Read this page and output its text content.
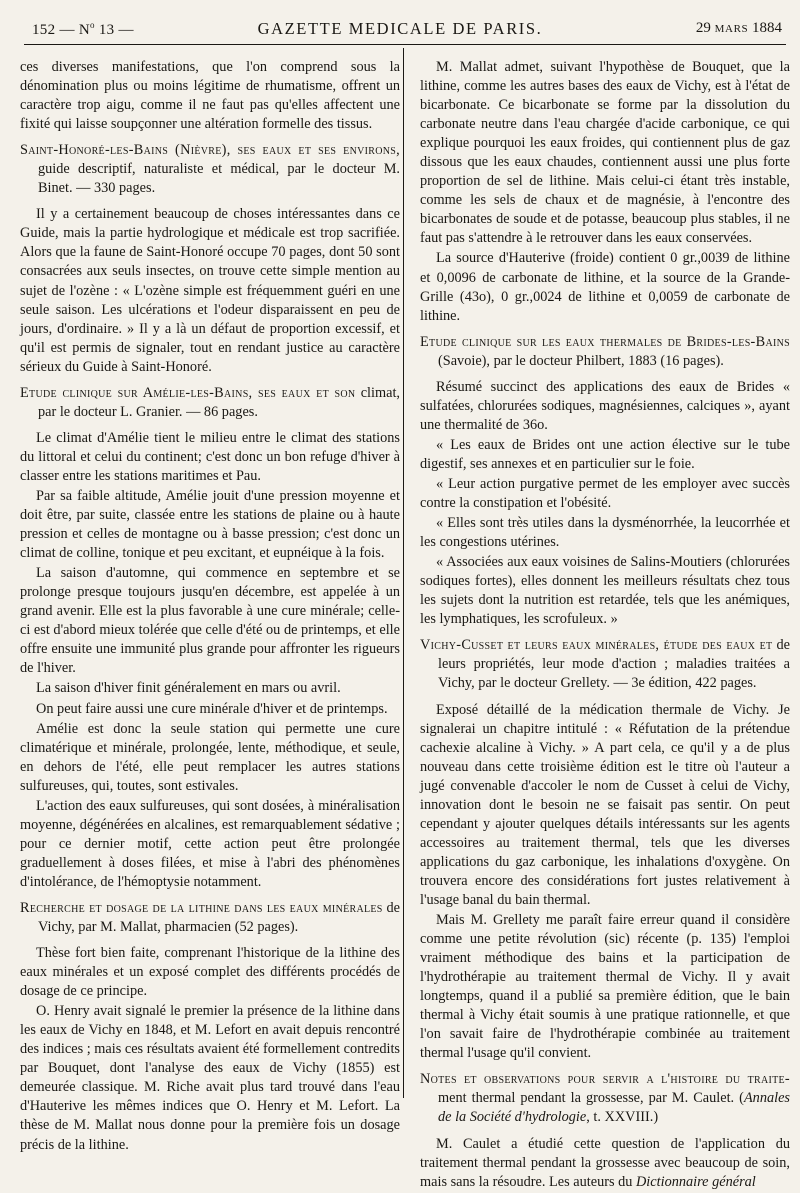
152 — $N^o$ 13 —	GAZETTE MEDICALE DE PARIS.	29 MARS 1884

ces diverses manifestations, que l'on comprend sous la dénomination plus ou moins légitime de rhumatisme, offrent un caractère trop aigu, comme il ne faut pas qu'elles affectent une fixité qui laisse soupçonner une altération formelle des tissus.

Saint-Honoré-les-Bains (Nièvre), ses eaux et ses environs, guide descriptif, naturaliste et médical, par le docteur M. Binet. — 330 pages.

Il y a certainement beaucoup de choses intéressantes dans ce Guide, mais la partie hydrologique et médicale est trop sacrifiée. Alors que la faune de Saint-Honoré occupe 70 pages, dont 50 sont consacrées aux seuls insectes, on trouve cette simple mention au sujet de l'ozène : « L'ozène simple est fréquemment guéri en une seule saison. Les ulcérations et l'odeur disparaissent en peu de jours, d'ordinaire. » Il y a là un défaut de proportion excessif, et qu'il est permis de signaler, tout en rendant justice au caractère sérieux du Guide à Saint-Honoré.

Etude clinique sur Amélie-les-Bains, ses eaux et son climat, par le docteur L. Granier. — 86 pages.

Le climat d'Amélie tient le milieu entre le climat des stations du littoral et celui du continent; c'est donc un bon refuge d'hiver à classer entre les stations maritimes et Pau.

Par sa faible altitude, Amélie jouit d'une pression moyenne et doit être, par suite, classée entre les stations de plaine ou à haute pression et celles de montagne ou à basse pression; c'est donc un climat de colline, tonique et peu excitant, et eupnéique à la fois.

La saison d'automne, qui commence en septembre et se prolonge presque toujours jusqu'en décembre, est appelée à un grand avenir. Elle est la plus favorable à une cure minérale; celle-ci est d'abord mieux tolérée que celle d'été ou de printemps, et elle offre ensuite une immunité plus grande pour affronter les rigueurs de l'hiver.

La saison d'hiver finit généralement en mars ou avril.

On peut faire aussi une cure minérale d'hiver et de printemps.

Amélie est donc la seule station qui permette une cure climatérique et minérale, prolongée, lente, méthodique, et seule, en dehors de l'été, elle peut remplacer les autres stations sulfureuses, qui, toutes, sont estivales.

L'action des eaux sulfureuses, qui sont dosées, à minéralisation moyenne, dégénérées en alcalines, est remarquablement sédative ; pour ce dernier motif, cette action peut être prolongée graduellement à doses filées, et mise à l'abri des phénomènes d'intolérance, de l'hémoptysie notamment.

Recherche et dosage de la lithine dans les eaux minérales de Vichy, par M. Mallat, pharmacien (52 pages).

Thèse fort bien faite, comprenant l'historique de la lithine des eaux minérales et un exposé complet des différents procédés de dosage de ce principe.

O. Henry avait signalé le premier la présence de la lithine dans les eaux de Vichy en 1848, et M. Lefort en avait depuis rencontré des indices ; mais ces résultats avaient été formellement contredits par Bouquet, dont l'analyse des eaux de Vichy (1855) est demeurée classique. M. Riche avait plus tard trouvé dans l'eau d'Hauterive les mêmes indices que O. Henry et M. Lefort. La thèse de M. Mallat nous donne pour la première fois un dosage précis de la lithine.

M. Mallat admet, suivant l'hypothèse de Bouquet, que la lithine, comme les autres bases des eaux de Vichy, est à l'état de bicarbonate. Ce bicarbonate se forme par la dissolution du carbonate neutre dans l'eau chargée d'acide carbonique, ce qui explique pourquoi les eaux froides, qui contiennent plus de gaz dissous que les eaux chaudes, contiennent aussi une plus forte proportion de sel de lithine. Mais celui-ci étant très instable, comme les sels de chaux et de magnésie, à l'encontre des bicarbonates de soude et de potasse, beaucoup plus stables, il ne faut pas s'attendre à le retrouver dans les eaux conservées.

La source d'Hauterive (froide) contient 0 gr.,0039 de lithine et 0,0096 de carbonate de lithine, et la source de la Grande-Grille (43o), 0 gr.,0024 de lithine et 0,0059 de carbonate de lithine.

Etude clinique sur les eaux thermales de Brides-les-Bains (Savoie), par le docteur Philbert, 1883 (16 pages).

Résumé succinct des applications des eaux de Brides « sulfatées, chlorurées sodiques, magnésiennes, calciques », ayant une thermalité de 36o.

« Les eaux de Brides ont une action élective sur le tube digestif, ses annexes et en particulier sur le foie.

« Leur action purgative permet de les employer avec succès contre la constipation et l'obésité.

« Elles sont très utiles dans la dysménorrhée, la leucorrhée et les congestions utérines.

« Associées aux eaux voisines de Salins-Moutiers (chlorurées sodiques fortes), elles donnent les meilleurs résultats chez tous les sujets dont la nutrition est retardée, tels que les anémiques, les lymphatiques, les scrofuleux. »

Vichy-Cusset et leurs eaux minérales, étude des eaux et de leurs propriétés, leur mode d'action ; maladies traitées a Vichy, par le docteur Grellety. — 3e édition, 422 pages.

Exposé détaillé de la médication thermale de Vichy. Je signalerai un chapitre intitulé : « Réfutation de la prétendue cachexie alcaline à Vichy. » A part cela, ce qu'il y a de plus nouveau dans cette troisième édition est le titre où l'auteur a jugé convenable d'accoler le nom de Cusset à celui de Vichy, innovation dont le besoin ne se faisait pas sentir. On peut cependant y ajouter quelques détails intéressants sur les agents accessoires au traitement thermal, tels que les diverses applications du gaz carbonique, les inhalations d'oxygène. On trouvera encore des considérations fort justes relativement à l'usage banal du bain thermal.

Mais M. Grellety me paraît faire erreur quand il considère comme une petite révolution (sic) récente (p. 135) l'emploi vraiment méthodique des bains et la participation de l'hydrothérapie au traitement thermal de Vichy. Il y avait longtemps, quand il a publié sa première édition, que le bain thermal à Vichy était soumis à une pratique rationnelle, et que l'on savait faire de l'hydrothérapie combinée au traitement thermal l'usage qu'il convient.

Notes et observations pour servir a l'histoire du traite- ment thermal pendant la grossesse, par M. Caulet. (Annales de la Société d'hydrologie, t. XXVIII.)

M. Caulet a étudié cette question de l'application du traitement thermal pendant la grossesse avec beaucoup de soin, mais sans la résoudre. Les auteurs du Dictionnaire général
